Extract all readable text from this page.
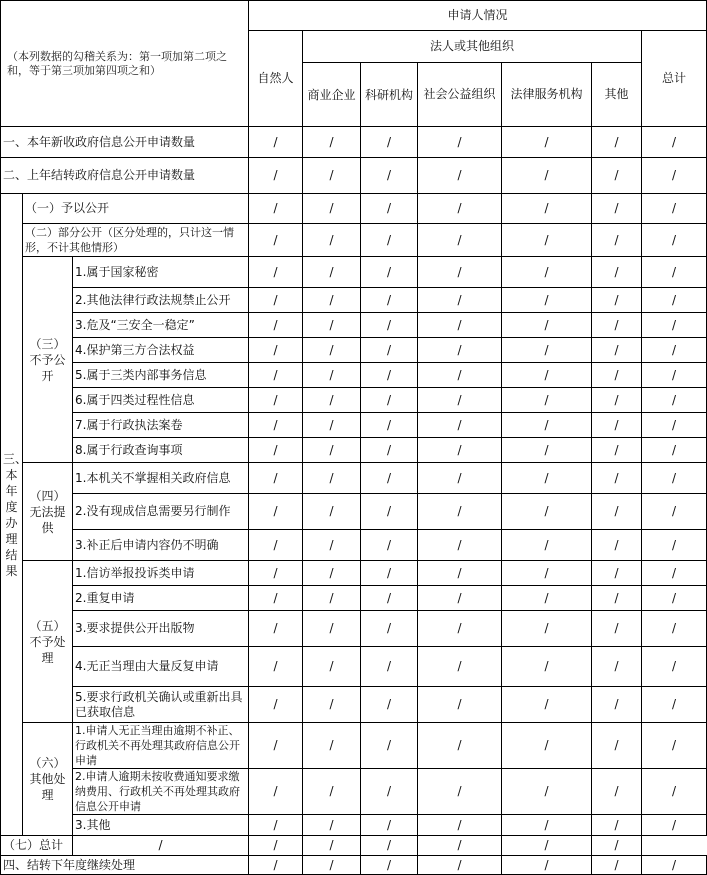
（本列数据的勾稽关系为：第一项加第二项之和，等于第三项加第四项之和）			申请人情况						
			自然人	法人或其他组织					总计
				商业企业	科研机构	社会公益组织	法律服务机构	其他	

一、本年新收政府信息公开申请数量			/	/	/	/	/	/	/
二、上年结转政府信息公开申请数量			/	/	/	/	/	/	/
三、本年度办理结果	（一）予以公开		/	/	/	/	/	/	/
	（二）部分公开（区分处理的，只计这一情形，不计其他情形）		/	/	/	/	/	/	/
	（三）不予公开	1.属于国家秘密	/	/	/	/	/	/	/
		2.其他法律行政法规禁止公开	/	/	/	/	/	/	/
		3.危及“三安全一稳定”	/	/	/	/	/	/	/
		4.保护第三方合法权益	/	/	/	/	/	/	/
		5.属于三类内部事务信息	/	/	/	/	/	/	/
		6.属于四类过程性信息	/	/	/	/	/	/	/
		7.属于行政执法案卷	/	/	/	/	/	/	/
		8.属于行政查询事项	/	/	/	/	/	/	/
	（四）无法提供	1.本机关不掌握相关政府信息	/	/	/	/	/	/	/
		2.没有现成信息需要另行制作	/	/	/	/	/	/	/
		3.补正后申请内容仍不明确	/	/	/	/	/	/	/
	（五）不予处理	1.信访举报投诉类申请	/	/	/	/	/	/	/
		2.重复申请	/	/	/	/	/	/	/
		3.要求提供公开出版物	/	/	/	/	/	/	/
		4.无正当理由大量反复申请	/	/	/	/	/	/	/
		5.要求行政机关确认或重新出具已获取信息	/	/	/	/	/	/	/
	（六）其他处理	1.申请人无正当理由逾期不补正、行政机关不再处理其政府信息公开申请	/	/	/	/	/	/	/
		2.申请人逾期未按收费通知要求缴纳费用、行政机关不再处理其政府信息公开申请	/	/	/	/	/	/	/
		3.其他	/	/	/	/	/	/	/
（七）总计		/	/	/	/	/	/	/	
四、结转下年度继续处理			/	/	/	/	/	/	/
